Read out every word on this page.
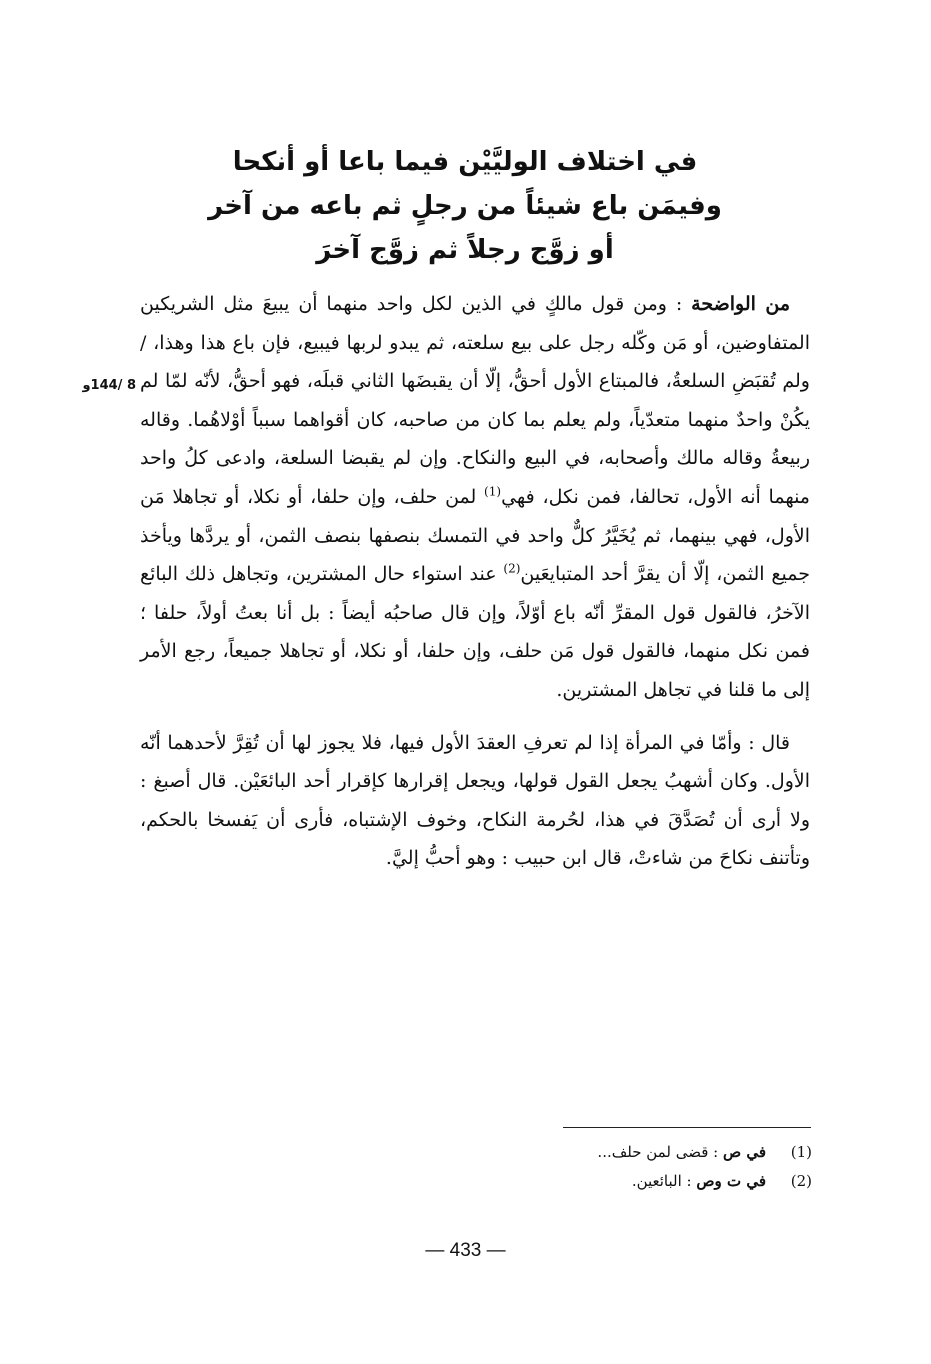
في اختلاف الوليَّيْن فيما باعا أو أنكحا
وفيمَن باع شيئاً من رجلٍ ثم باعه من آخر
أو زوَّج رجلاً ثم زوَّج آخرَ
8 /144و

من الواضحة : ومن قول مالكٍ في الذين لكل واحد منهما أن يبيعَ مثل الشريكين المتفاوضين، أو مَن وكّله رجل على بيع سلعته، ثم يبدو لربها فيبيع، فإن باع هذا وهذا، / ولم تُقبَضِ السلعةُ، فالمبتاع الأول أحقُّ، إلّا أن يقبضَها الثاني قبلَه، فهو أحقُّ، لأنّه لمّا لم يكُنْ واحدٌ منهما متعدّياً، ولم يعلم بما كان من صاحبه، كان أقواهما سبباً أوْلاهُما. وقاله ربيعةُ وقاله مالك وأصحابه، في البيع والنكاح. وإن لم يقبضا السلعة، وادعى كلُ واحد منهما أنه الأول، تحالفا، فمن نكل، فهي$^{(1)}$ لمن حلف، وإن حلفا، أو نكلا، أو تجاهلا مَن الأول، فهي بينهما، ثم يُخَيَّرُ كلٌّ واحد في التمسك بنصفها بنصف الثمن، أو يردَّها ويأخذ جميع الثمن، إلّا أن يقرَّ أحد المتبايعَين$^{(2)}$ عند استواء حال المشترين، وتجاهل ذلك البائع الآخرُ، فالقول قول المقرِّ أنّه باع أوّلاً، وإن قال صاحبُه أيضاً : بل أنا بعتُ أولاً، حلفا ؛ فمن نكل منهما، فالقول قول مَن حلف، وإن حلفا، أو نكلا، أو تجاهلا جميعاً، رجع الأمر إلى ما قلنا في تجاهل المشترين.

قال : وأمّا في المرأة إذا لم تعرفِ العقدَ الأول فيها، فلا يجوز لها أن تُقِرَّ لأحدهما أنّه الأول. وكان أشهبُ يجعل القول قولها، ويجعل إقرارها كإقرار أحد البائعَيْن. قال أصبغ : ولا أرى أن تُصَدَّقَ في هذا، لحُرمة النكاح، وخوف الإشتباه، فأرى أن يَفسخا بالحكم، وتأتنف نكاحَ من شاءتْ، قال ابن حبيب : وهو أحبُّ إليَّ.

(1)
في ص : قضى لمن حلف...
(2)
في ت وص : البائعين.
— 433 —
